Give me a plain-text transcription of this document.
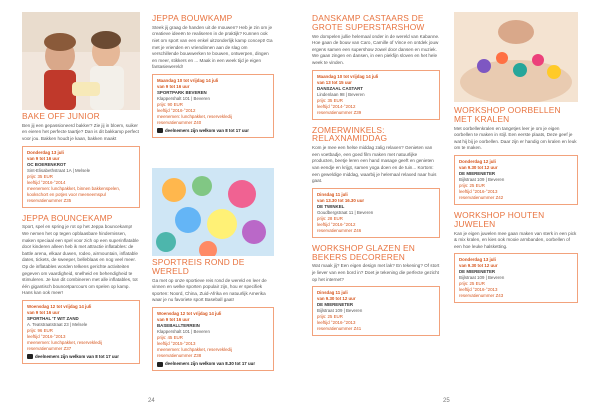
BAKE OFF JUNIOR
Ben jij een gepassioneerd bakker? Zie jij in bloem, suiker en eieren het perfecte taartje? Dan is dit bakkamp perfect voor jou. Bakken houdt je kaan, bakken maakt
Donderdag 13 juli
van 9 tot 16 uur
OC BOERENKROT
Sint-Elisabethstraat 1A | Melsele
prijs: 35 EUR
leeftijd °2016-°2014
meenemen: lunchpakket, binnen bakkenspelen, kookschort en potjes voor meeneemspul
reservatienummer Z35
JEPPA BOUNCEKAMP
Sport, spel en spring je rot op het Jeppa bouncekamp! We nemen het op tegen opblaasbare hindernissen, maken speciaal een spel voor zich op een superinflatable door kinderen alleen heb ik met attractie inflatables: de battle arena, elkaar duwen, rodeo, airmountain, inflatable dates, tickets, de sweeper, belleblaas en nog veel meer. Op de inflatables worden telkens gerichte activiteiten gegeven om vaardigheid, snelheid en behendigheid te stimuleren. Je kan dit combineren met alle inflatables, tot één gigantisch bouncetparcours om spelen op kamp. Hans kan ook meer!
Woensdag 12 tot vrijdag 14 juli
van 9 tot 16 uur
SPORTHAL 'T WIT ZAND
A. Teatstraatstraat 23 | Melsele
prijs: 96 EUR
leeftijd °2016-°2013
meenemen: lunchpakket, reservekledij
reservatienummer Z37
deelnemers zijn welkom van 8 tot 17 uur
JEPPA BOUWKAMP
Steek jij graag de handen uit de mouwen? Heb je zin om je creatieve ideeën te realiseren in de praktijk? Kunnen ook niet om sport van een enkel uitzonderlijk kamp concept! Ga met je vrienden en vriendinnen aan de slag om verschillende bouwwerken te bouwen, ontwerpen, dingen en meer, stikkers en ... Maak in een week tijd je eigen fantasiewereld!
Maandag 10 tot vrijdag 14 juli
van 9 tot 16 uur
SPORTPARK BEVEREN
Klappershalt 101 | Beveren
prijs: 90 EUR
leeftijd °2016-°2012
meenemen: lunchpakket, reservekledij
reservatienummer Z40
deelnemers zijn welkom van 8 tot 17 uur
SPORTREIS ROND DE WERELD
Ga met op onze sportieve reis rond de wereld en leer de vinnen en welke sporten populair zijn, hou er specifiek sporten: Noord, China, Zuid-Afrika en natuurlijk Amerika waar je nu favoriete sport Baseball gaat!
Woensdag 12 tot vrijdag 14 juli
van 9 tot 16 uur
BASEBALLTERREIN
Klappershalt 101 | Beveren
prijs: 45 EUR
leeftijd °2015-°2013
meenemen: lunchpakket, reservekledij
reservatienummer Z38
deelnemers zijn welkom van 8.30 tot 17 uur
24
DANSKAMP CASTAARS DE GROTE SUPERSTARSHOW
We dompelen jullie helemaal onder in de wereld van Kabanne. Hoe gaan de bouw van Caro, Camille of Vince en ontdek jouw ergens samen een supershow zowel door dansen en muziek. We gaan zingen en dansen, in een piekfijn sloven en het hele week te vinden.
Maandag 10 tot vrijdag 14 juli
van 13 tot 15 uur
DANSZAAL CASTART
Lindenlaan 98 | Beveren
prijs: 35 EUR
leeftijd °2014-°2012
reservatienummer Z39
ZOMERWINKELS: RELAXNAMIDDAG
Kom je mee een helse middag zalig relaxen? Genieten van een voetbadje, een goed film maken met natuurlijke producten, beetje leren een hand masage geeft en genieten van eendje en krijgt, samen yoga doen en de tuin... Kortom: een geweldige middag, waarbij je helemaal relaxed naar huis gaat.
Dinsdag 11 juli
van 13.30 tot 16.30 uur
DE TWINKEL
Goudbergstraat 11 | Beveren
prijs: 28 EUR
leeftijd °2016-°2012
reservatienummer Z46
WORKSHOP GLAZEN EN BEKERS DECOREREN
Wat maak jij? Een eigen design met lak? En tekening? Of stort je liever van een bord in? Doet je tekening die perfecte gezicht op het internet?
Dinsdag 11 juli
van 9.30 tot 12 uur
DE MIERENETER
Bijlstraat 109 | Beveren
prijs: 25 EUR
leeftijd °2016-°2013
reservatienummer Z41
WORKSHOP OORBELLEN MET KRALEN
Met oorbellenkralen en tangetjes leer je om je eigen oorbellen te maken in stijl. Een eerste plaats, Deze geef je wat hij bij je oorbellen. Daar zijn er handig om kralen en leuk om te maken.
Donderdag 12 juli
van 9.30 tot 12 uur
DE MIERENETER
Bijlstraat 109 | Beveren
prijs: 25 EUR
leeftijd °2016-°2013
reservatienummer Z42
WORKSHOP HOUTEN JUWELEN
Kan je eigen juwelen mee gaan maken van sterk in een pick & mix kralen, en kies ook mooie armbanden, oorbellen of een hoe leuke halsketting.
Donderdag 13 juli
van 9.30 tot 12 uur
DE MIERENETER
Bijlstraat 109 | Beveren
prijs: 25 EUR
leeftijd °2016-°2013
reservatienummer Z43
25
